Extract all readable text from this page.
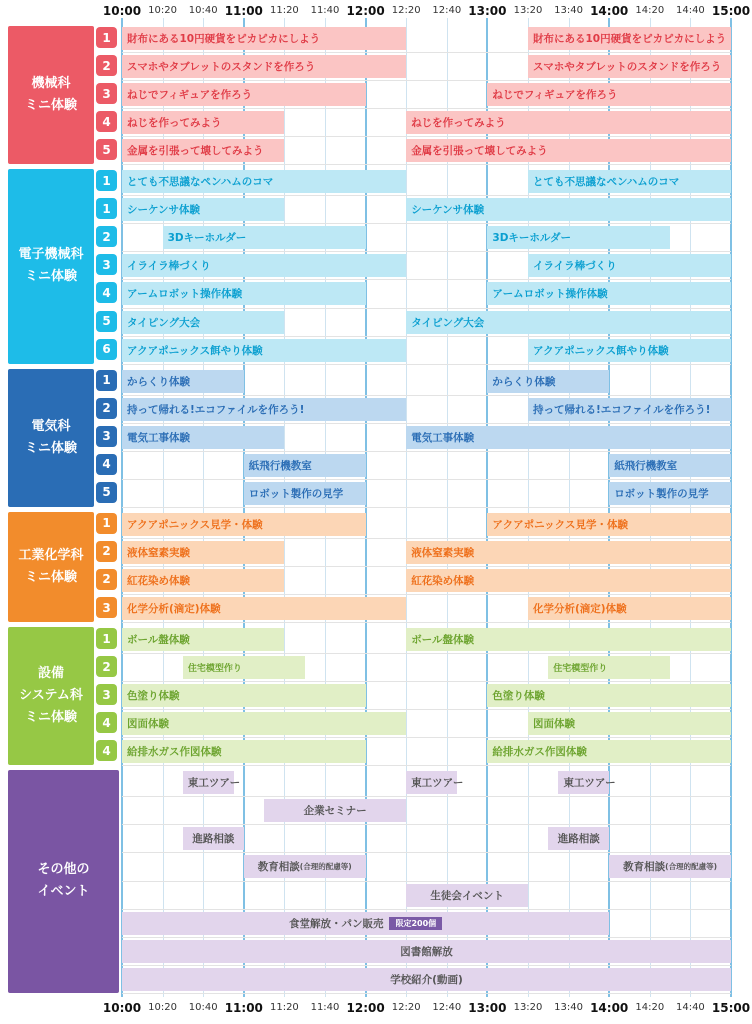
10:00
10:00
10:20
10:20
10:40
10:40
11:00
11:00
11:20
11:20
11:40
11:40
12:00
12:00
12:20
12:20
12:40
12:40
13:00
13:00
13:20
13:20
13:40
13:40
14:00
14:00
14:20
14:20
14:40
14:40
15:00
15:00
機械科
ミニ体験
電子機械科
ミニ体験
電気科
ミニ体験
工業化学科
ミニ体験
設備
システム科
ミニ体験
その他の
イベント
1	財布にある10円硬貨をピカピカにしよう	財布にある10円硬貨をピカピカにしよう
2	スマホやタブレットのスタンドを作ろう	スマホやタブレットのスタンドを作ろう
3	ねじでフィギュアを作ろう	ねじでフィギュアを作ろう
4	ねじを作ってみよう	ねじを作ってみよう
5	金属を引張って壊してみよう	金属を引張って壊してみよう
1	とても不思議なペンハムのコマ	とても不思議なペンハムのコマ
1	シーケンサ体験	シーケンサ体験
2	3Dキーホルダー	3Dキーホルダー
3	イライラ棒づくり	イライラ棒づくり
4	アームロボット操作体験	アームロボット操作体験
5	タイピング大会	タイピング大会
6	アクアポニックス餌やり体験	アクアポニックス餌やり体験
1	からくり体験	からくり体験
2	持って帰れる!エコファイルを作ろう!	持って帰れる!エコファイルを作ろう!
3	電気工事体験	電気工事体験
4	紙飛行機教室	紙飛行機教室
5	ロボット製作の見学	ロボット製作の見学
1	アクアポニックス見学・体験	アクアポニックス見学・体験
2	液体窒素実験	液体窒素実験
2	紅花染め体験	紅花染め体験
3	化学分析(滴定)体験	化学分析(滴定)体験
1	ボール盤体験	ボール盤体験
2	住宅模型作り	住宅模型作り
3	色塗り体験	色塗り体験
4	図面体験	図面体験
4	給排水ガス作図体験	給排水ガス作図体験
東工ツアー	東工ツアー	東工ツアー
企業セミナー
進路相談	進路相談
教育相談 (合理的配慮等)	教育相談 (合理的配慮等)
生徒会イベント
食堂解放・パン販売	限定200個
図書館解放
学校紹介(動画)
